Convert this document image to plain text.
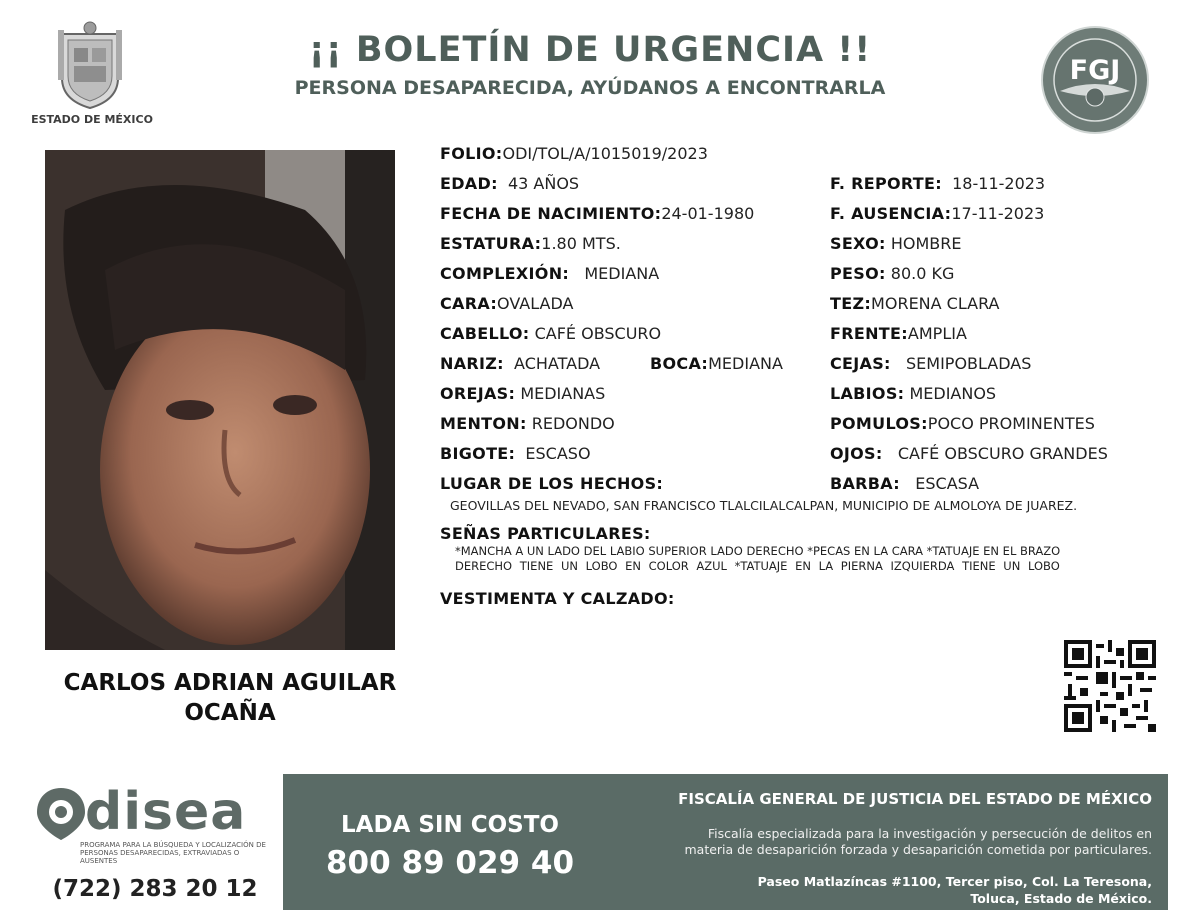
ESTADO DE MÉXICO
¡¡ BOLETÍN DE URGENCIA !!
PERSONA DESAPARECIDA, AYÚDANOS A ENCONTRARLA
FGJ
CARLOS ADRIAN AGUILAR
OCAÑA
FOLIO:ODI/TOL/A/1015019/2023
EDAD: 43 AÑOS	F. REPORTE: 18-11-2023
FECHA DE NACIMIENTO:24-01-1980	F. AUSENCIA:17-11-2023
ESTATURA:1.80 MTS.	SEXO: HOMBRE
COMPLEXIÓN: MEDIANA	PESO: 80.0 KG
CARA:OVALADA	TEZ:MORENA CLARA
CABELLO: CAFÉ OBSCURO	FRENTE:AMPLIA
NARIZ: ACHATADA	BOCA:MEDIANA	CEJAS: SEMIPOBLADAS
OREJAS: MEDIANAS	LABIOS: MEDIANOS
MENTON: REDONDO	POMULOS:POCO PROMINENTES
BIGOTE: ESCASO	OJOS: CAFÉ OBSCURO GRANDES
LUGAR DE LOS HECHOS:	BARBA: ESCASA
GEOVILLAS DEL NEVADO, SAN FRANCISCO TLALCILALCALPAN, MUNICIPIO DE ALMOLOYA DE JUAREZ.
SEÑAS PARTICULARES:
*MANCHA A UN LADO DEL LABIO SUPERIOR LADO DERECHO *PECAS EN LA CARA *TATUAJE EN EL BRAZO
DERECHO TIENE UN LOBO EN COLOR AZUL *TATUAJE EN LA PIERNA IZQUIERDA TIENE UN LOBO
VESTIMENTA Y CALZADO:
disea
PROGRAMA PARA LA BÚSQUEDA Y LOCALIZACIÓN DE PERSONAS DESAPARECIDAS, EXTRAVIADAS O AUSENTES
(722) 283 20 12
LADA SIN COSTO
800 89 029 40
FISCALÍA GENERAL DE JUSTICIA DEL ESTADO DE MÉXICO
Fiscalía especializada para la investigación y persecución de delitos en
materia de desaparición forzada y desaparición cometida por particulares.
Paseo Matlazíncas #1100, Tercer piso, Col. La Teresona,
Toluca, Estado de México.
